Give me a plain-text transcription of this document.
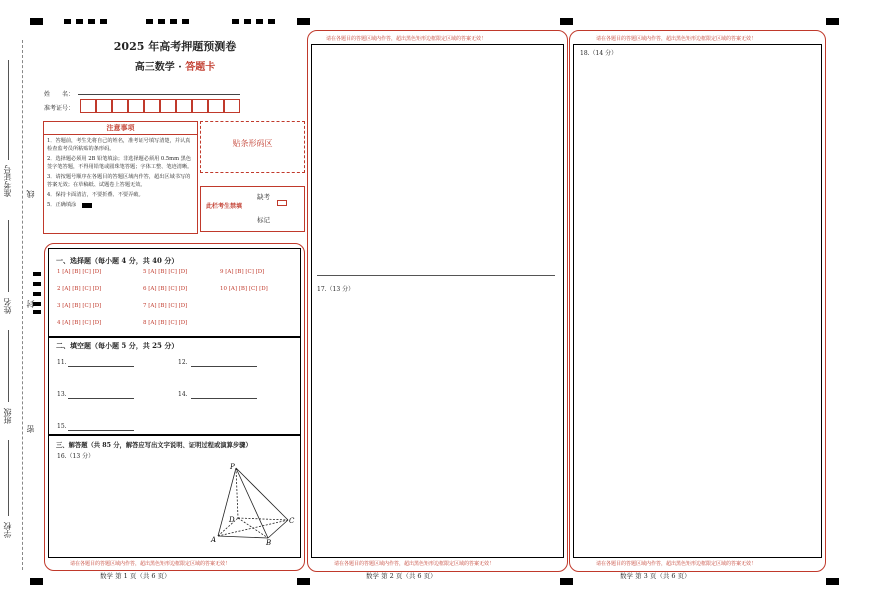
准考证号 线
姓名 封
班级
密
学校
2025 年高考押题预测卷
高三数学 · 答题卡
姓　　名：
准考证号：
注意事项
1．答题前，考生先将自己的姓名，准考证号填写清楚，并认真检查监考员所粘贴的条形码。
2．选择题必须用 2B 铅笔填涂；非选择题必须用 0.5mm 黑色签字笔答题，不得用铅笔或圆珠笔答题；字体工整、笔迹清晰。
3．请按题号顺序在各题目的答题区域内作答，超出区域书写的答案无效；在草稿纸、试题卷上答题无效。
4．保持卡面清洁，不要折叠、不要弄破。
5．正确填涂
贴条形码区
此栏考生禁填
缺考
标记
一、选择题（每小题 4 分，共 40 分）
1 [A] [B] [C] [D]	5 [A] [B] [C] [D]	9 [A] [B] [C] [D]
2 [A] [B] [C] [D]	6 [A] [B] [C] [D]	10 [A] [B] [C] [D]
3 [A] [B] [C] [D]	7 [A] [B] [C] [D]
4 [A] [B] [C] [D]	8 [A] [B] [C] [D]
二、填空题（每小题 5 分，共 25 分）
11.	12.
13.	14.
15.
三、解答题（共 85 分，解答应写出文字说明、证明过程或演算步骤）
16.（13 分）
P
D	C
A	B
请在各题目的答题区域内作答，超出黑色矩形边框限定区域的答案无效！
数学 第 1 页（共 6 页）
请在各题目的答题区域内作答，超出黑色矩形边框限定区域的答案无效！
17.（13 分）
请在各题目的答题区域内作答，超出黑色矩形边框限定区域的答案无效！
数学 第 2 页（共 6 页）
请在各题目的答题区域内作答，超出黑色矩形边框限定区域的答案无效！
18.（14 分）
请在各题目的答题区域内作答，超出黑色矩形边框限定区域的答案无效！
数学 第 3 页（共 6 页）
